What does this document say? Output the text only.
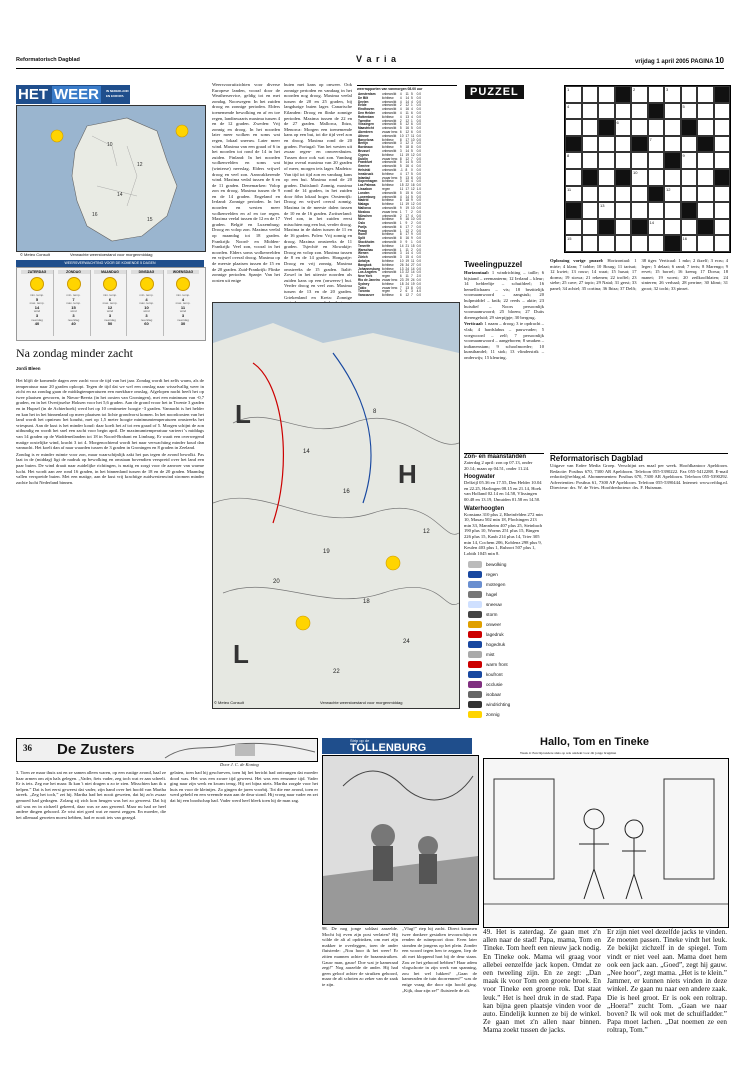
Reformatorisch Dagblad	V a r i a	vrijdag 1 april 2005 PAGINA 10
HET WEER	IN NEDERLAND
EN EUROPA
10
12
14
16
15
© Meteo Consult	Verwachte weerstoestand voor morgenmiddag
WEERSVERWACHTING VOOR DE KOMENDE 5 DAGEN
ZATERDAG
min. temp.
5
max. temp.
14
wind
3
neerslag
40
ZONDAG
min. temp.
7
max. temp.
15
wind
3
neerslag
40
MAANDAG
min. temp.
6
max. temp.
12
wind
3
neerslag
50
DINSDAG
min. temp.
4
max. temp.
10
wind
3
neerslag
60
WOENSDAG
min. temp.
4
max. temp.
11
wind
3
neerslag
30
Na zondag minder zacht
Jordi Bleen

Het blijft de komende dagen zeer zacht voor de tijd van het jaar. Zondag wordt het zelfs warm, als de temperatuur naar 20 graden oploopt. Tegen de tijd dat we wel een omslag naar wisselvallig weer in zicht en na zondag gaan de middagtemperaturen een merkbare omslag. Afgelopen nacht heeft het op twee plaatsen gevroren, in Nieuw-Beerta (in het oosten van Groningen), met een minimum van -0,7 graden, en in het Overijsselse Hoksen voor het 5,6 graden. Aan de grond vroor het in Twente 3 graden en in Hupsel (in de Achterhoek) werd het op 10 centimeter hoogte -3 graden. Vannacht is het helder en kan het in het binnenland op meer plaatsen tot lichte grondvorst komen. In het noordoosten van het land wordt het opnieuw het koudst, met op 1,5 meter hoogte minimumtemperaturen omstreeks het vriespunt. Aan de kust is het minder koud: daar koelt het af tot een graad of 5. Morgen schijnt de zon uitbundig en wordt het snel een zacht voor begin april. De maximumtemperatuur varieert 's middags van 14 graden op de Waddeneilanden tot 18 in Noord-Brabant en Limburg. Er waait een overwegend matige oostelijke wind, kracht 3 tot 4. Morgenochtend wordt het naar verwachting minder koud dan vannacht. Het koelt dan af naar waarden tussen de 3 graden in Groningen en 8 graden in Zeeland.

Zondag is er minder ruimte voor zon, maar waarschijnlijk zakt het pas tegen de avond bewolkt. Pas laat in de (middag) ligt de nadruk op bewolking en omstaan bovendien verspreid over het land een paar buien. De wind draait naar zuidelijke richtingen, is matig en zorgt voor de aanvoer van warme lucht. Het wordt aan zee rond 16 graden, in het binnenland tussen de 18 en de 20 graden. Maandag vallen verspreide buien. Met een matige, aan de kust vrij krachtige zuidwestenwind stromen minder zachte lucht Nederland binnen.

Weersvooruitzichten voor diverse Europese landen, vooraf door de Weatherservice, geldig tot en met zondag. Noorwegen: In het zuiden droog en zonnige perioden. Elders toenemende bewolking en af en toe regen, landinwaarts maxima tussen 4 en de 12 graden. Zweden: Vrij zonnig en droog. In het noorden later meer wolken en soms wat regen, lokaal sneeuw. Later meer wind. Maxima van een graad of 6 in het noorden tot rond de 14 in het zuiden. Finland: In het noorden wolkenvelden en soms wat (winterse) neerslag. Elders vrijwel droog en veel zon. Aanwakkerende wind. Maxima vedal tussen de 6 en de 11 graden. Denemarken: Volop zon en droog. Maxima tussen de 9 en de 14 graden. Engeland en Ierland: Zonnige perioden. In het noorden en westen meer wolkenvelden en af en toe regen. Maxima veelal tussen de 12 en de 17 graden. België en Luxemburg: Droog en volop zon. Maxima veelal op maandag tot 18 graden. Frankrijk: Noord- en Midden-Frankrijk: Veel zon, vooral in het noorden. Elders soms wolkenvelden en vrijwel overal droog. Maxima op de meeste plaatsen tussen de 15 en de 20 graden. Zuid-Frankrijk: Flinke zonnige perioden. Spanje: Van het oosten uit enige

buien met kans op onweer. Ook zonnige perioden en vandaag in het noorden nog droog. Maxima veelal tussen de 20 en 25 graden, bij langdurige buien lager. Canarische Eilanden: Droog en flinke zonnige perioden. Maxima tussen de 22 en de 27 graden. Mallorca, Ibiza, Menorca: Morgen een toenemende kans op een bui, tot die tijd veel zon en droog. Maxima rond de 20 graden. Portugal: Van het westen uit zwaar regen- en onweersbuien. Tussen door ook wat zon. Vandaag bijna overal maxima van 20 graden of meer, morgen iets lager. Madeira: Van tijd tot tijd zon en vandaag kans op een bui. Maxima rond de 20 graden. Duitsland: Zonnig, maxima rond de 14 graden, in het zuiden door föhn lokaal hoger. Oostenrijk: Droog en vrijwel overal zonnig. Maxima in de meeste dalen tussen de 10 en de 16 graden. Zwitserland: Veel zon, in het zuiden eerst misschien nog een bui, verder droog. Maxima in de dalen tussen de 11 en de 16 graden. Polen: Vrij zonnig en droog. Maxima omstreeks de 11 graden. Tsjechië en Slowakije: Droog en volop zon. Maxima tussen de 8 en de 14 graden. Hongarije: Droog en vrij zonnig. Maxima omstreeks de 15 graden. Italië: Zowel in het uiterste noorden als zuiden kans op een (onweers-) bui. Verder droog en veel zon. Maxima tussen de 13 en de 20 graden. Griekenland en Kreta: Zonnige

weerrapporten van vanmorgen 08.00 uur
Amsterdam	onbewolkt	4	11	5	0.0
De Bilt	lichtbew.	4	14	5	0.0
Deelen	onbewolkt	4	14	4	0.0
Eelde	onbewolkt	2	12	1	0.0
Eindhoven	onbewolkt	4	16	4	0.0
Den Helder	onbewolkt	4	11	6	0.0
Rotterdam	lichtbew.	4	13	4	0.0
Twenthe	onbewolkt	2	12	1	0.0
Vlissingen	onbewolkt	5	12	6	0.0
Maastricht	onbewolkt	5	16	5	0.0
Aberdeen	zwaar bew.	6	12	6	0.0
Athene	onbewolkt	10	17	11	0.0
Barcelona	lichtbew.	8	17	10	0.0
Berlijn	onbewolkt	3	12	3	0.0
Bordeaux	lichtbew.	9	18	8	0.0
Brussel	onbewolkt	3	14	5	0.0
Cyprus	lichtbew.	11	19	12	0.0
Dublin	zwaar bew.	8	12	7	0.0
Frankfurt	onbewolkt	5	14	5	0.0
Genève	onbewolkt	5	16	4	0.0
Helsinki	onbewolkt	-1	8	0	0.0
Innsbruck	lichtbew.	4	17	5	0.0
Istanbul	zwaar bew.	9	13	8	0.0
Kopenhagen	lichtbew.	3	10	4	0.0
Las Palmas	lichtbew.	15	22	16	0.0
Lissabon	regen	11	17	12	1.0
Londen	onbewolkt	5	15	6	0.0
Luxemburg	onbewolkt	4	14	5	0.0
Madrid	lichtbew.	8	18	9	0.0
Malaga	lichtbew.	11	19	12	0.0
Mallorca	onbewolkt	9	19	10	0.0
Moskou	zwaar bew.	1	7	2	0.0
München	onbewolkt	2	17	4	0.0
Nice	lichtbew.	9	16	10	0.0
Oslo	onbewolkt	1	9	2	0.0
Parijs	onbewolkt	6	17	7	0.0
Praag	onbewolkt	1	12	2	0.0
Rome	lichtbew.	8	17	9	0.0
Split	onbewolkt	8	16	9	0.0
Stockholm	onbewolkt	0	9	1	0.0
Tenerife	lichtbew.	14	21	15	0.0
Warschau	onbewolkt	1	11	2	0.0
Wenen	onbewolkt	3	14	4	0.0
Zürich	onbewolkt	3	15	4	0.0
Antalya	lichtbew.	10	19	11	0.0
Bangkok	lichtbew.	26	34	27	0.0
Johannesburg	lichtbew.	13	24	14	0.0
Los Angeles	onbewolkt	13	22	14	0.0
New York	regen	6	11	7	2.0
Rio de Janeiro	zwaar bew.	23	29	24	0.0
Sydney	lichtbew.	18	24	19	0.0
Tokio	zwaar bew.	7	13	8	0.0
Toronto	regen	2	6	3	4.0
Vancouver	lichtbew.	6	12	7	0.0
L
L
H
14
16
19
20
18
24
22
12
8
© Meteo Consult	Verwachte weerstoestand voor morgenmiddag
PUZZEL	1	2	3
4	5
6
7
8	9
10
11	12
13
14
15	16
Tweelingpuzzel

Horizontaal: 1 windrichting – taille; 6 bijstand – zeemanterm; 12 Ierland – kleur; 14 hefdeeltje – schuifdeel; 16 hemellichaam – vis; 18 bezittelijk voornaamwoord – zangstuk; 20 hulpmiddel – knik; 22 reeds – aktie; 23 huisdief – Noors persoonlijk voornaamwoord; 25 bloem; 27 Duits dierengeluid; 29 sierpijpje; 30 bergrug.

Verticaal: 1 naam – droog; 3 te opdracht – vlak; 4 hardslabus – pauwvader; 5 voegwoord – zelf; 7 persoonlijk voornaamwoord – aangeboren; 8 smaken – indianenstam; 9 schoolmoeder; 10 kunsthandel; 11 stok; 13 vlinderstrik – onderwijs; 15 kleuring.

Oplossing vorige puzzel: Horizontaal: 1 mirte; 4 klam; 7 tobbe; 10 Bourg; 11 tarisat; 12 kwiet; 13 rouw; 14 waat; 15 husat; 17 dorms; 19 stowa; 21 rekenen; 22 troffel; 23 siebe; 25 cave; 27 topic; 29 Natal; 31 gerst; 33 panel; 34 achtel; 35 cortina; 36 Ibiza; 37 Delft; 38 tiger. Verticaal: 1 mkr; 2 ikzelf; 3 ecru; 4 leger; 5 delaat; 6 rand; 7 terts; 8 Marengo; 9 ervet; 15 borrel; 16 krenq; 17 Dorsu; 18 manet; 19 woest; 20 zeilkoolblaten; 24 sinteren; 26 verhaal; 28 perrine; 30 klimt; 31 groot; 32 tocht; 33 pinset.

Zon- en maanstanden
Zaterdag 2 april: zon op 07.13, onder 20.14; maan op 04.51, onder 11.24.
Hoogwater
Delfzijl 05.36 en 17.55, Den Helder 10.04 en 22.25, Harlingen 08.15 en 21.14, Hoek van Holland 02.14 en 14.58, Vlissingen 00.48 en 13.19, IJmuiden 01.58 en 14.50.
Waterhoogten
Konstanz 310 plus 2, Rheinfelden 272 min 10, Maxau 502 min 18, Plochingen 213 min 33, Mannheim 407 plus 25, Steinbach 190 plus 10, Worms 251 plus 15, Bingen 226 plus 15, Kaub 214 plus 14, Trier 305 min 14, Cochem 206, Koblenz 298 plus 9, Keulen 403 plus 1, Ruhrort 507 plus 1, Lobith 1045 min 8.
bewolking
regen
motregen
hagel
sneeuw
storm
onweer
lagedruk
hogedruk
mist
warm front
koufront
occlusie
isobaar
windrichting
zonnig
Reformatorisch Dagblad
Uitgave van Erdee Media Groep. Verschijnt zes maal per week. Hoofdkantoor Apeldoorn. Redactie: Postbus 670, 7300 AR Apeldoorn. Telefoon 055-5390222. Fax 055-5412288. E-mail redactie@refdag.nl. Abonnementen: Postbus 670, 7300 AR Apeldoorn. Telefoon 055-5390292. Advertenties: Postbus 61, 7300 AP Apeldoorn. Telefoon 055-5390444. Internet: www.refdag.nl. Directeur: drs. W. de Vries. Hoofdredacteur: drs. F. Huisman.
De Zusters
36
Door J. C. de Koning

3. Toen ze maar thuis zat en ze samen alleen waren, op een rustige avond, haal ze haar armen om zijn hals gelegen. „Vader, fiets vader, zeg toch wat er aan scheelt. Er is iets. Zeg me het maar. Ik kan 't niet dragen u zo te zien. Misschien kan ik u helpen.” Dat is het eerst geweest dat vader, zijn hand over het hoofd van Martha streek. „Zeg het toch,” zei hij. Martha had het nooit geweten, dat hij zo'n zwaar gemoed had gedragen. Zolang zij zich kon heugen was het zo geweest. Dat hij stil was en in zichzelf gekeerd, daar was ze aan gewend. Maar nu had ze heel andere dingen gehoord. Ze wist niet goed wat ze moest zeggen. En moeder, die het allemaal geweten moest hebben, had er nooit iets van gezegd.

gelaten, toen had hij geschreven, toen hij het bericht had ontvangen dat moeder dood was. Het was een zware tijd geweest. Het was een eenzame tijd. Vader ging naar zijn werk en kwam terug. Hij zei bijna niets. Martha zorgde voor het huis en voor de kleintjes. Zo gingen de jaren voorbij. Tot die ene avond, toen er werd gebeld en een vreemde man aan de deur stond. Hij vroeg naar vader en zei dat hij een boodschap had. Vader werd heel bleek toen hij de man zag.

Strip op de
TOLLENBURG

98. De nog jonge soldaat aarzelde. Mocht hij even zijn post verlaten? Hij wilde de alt al opdrinken, om met zijn makker te overleggen, toen de ander fluisterde: „Nou hoor ik het weer! Er zitten mannen achter de braamstruiken. Gauw man, gauw! Doe wat je kameraad zegt!” Nog aarzelde de ander. Hij had geen geloof achter de struiken gehoord, maar de alt schoten zo zeker van de zaak te zijn.

„Vlug!” riep hij zacht. Direct kwamen twee donkere gestalten tevoorschijn en renden de ruïnepoort door. Even later stonden de jongens op het plein. Zonder een woord tegen hen te zeggen, liep de alt met kloppend hart bij de deur staan. Zou ze het gehoord hebben? Haar adem vlogschorte in zijn werk van spanning, zou het wel lukken? „Gaan de kameraden de tuin doorrennen?” was de enige vraag die door zijn hoofd ging. „Kijk, daar zijn ze!” fluisterde de alt.

Hallo, Tom en Tineke
Week 4: Een bijzondere sluis op reis ontdekt voor dit jonge brugman

49. Het is zaterdag. Ze gaan met z'n allen naar de stad! Papa, mama, Tom en Tineke. Tom heeft een nieuw jack nodig. En Tineke ook. Mama wil graag voor allebei eenzelfde jack kopen. Omdat ze een tweeling zijn. En ze zegt: „Dan maak ik voor Tom een groene broek. En voor Tineke een groene rok. Dat staat leuk.” Het is heel druk in de stad. Papa kan bijna geen plaatsje vinden voor de auto. Eindelijk kunnen ze bij de winkel. Ze gaan met z'n allen naar binnen. Mama zoekt tussen de jacks.

Er zijn niet veel dezelfde jacks te vinden. Ze moeten passen. Tineke vindt het leuk. Ze bekijkt zichzelf in de spiegel. Tom vindt er niet veel aan. Mama doet hem ook een jack aan. „Goed”, zegt hij gauw. „Nee hoor”, zegt mama. „Het is te klein.” Jammer, er kunnen niets vinden in deze winkel. Ze gaan nu naar een andere zaak. Die is heel groot. Er is ook een roltrap. „Hoera!” zucht Tom. „Gaan we naar boven? Ik wil ook met de schuifladder.” Papa moet lachen. „Dat noemen ze een roltrap, Tom.”
